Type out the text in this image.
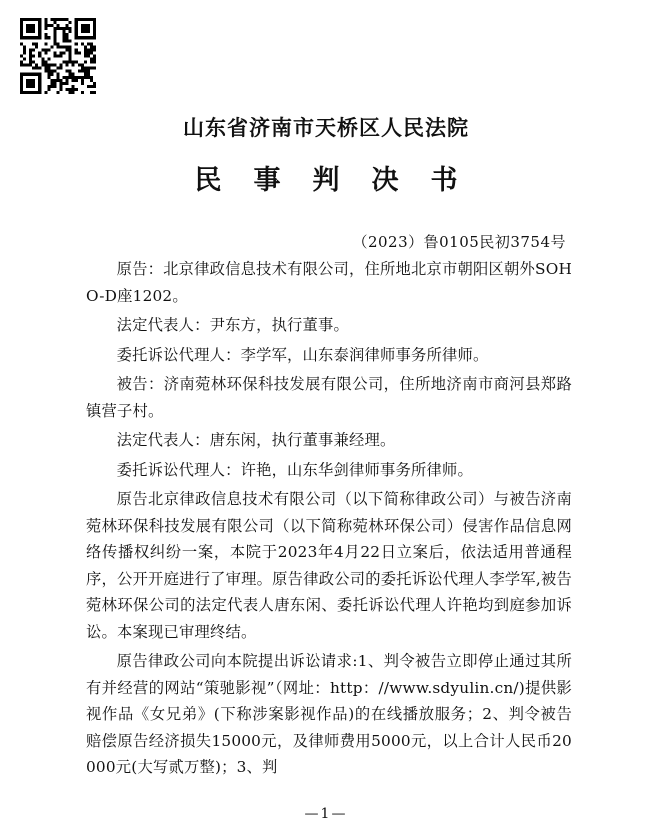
山东省济南市天桥区人民法院
民事判决书
（2023）鲁0105民初3754号

原告：北京律政信息技术有限公司，住所地北京市朝阳区朝外SOHO-D座1202。

法定代表人：尹东方，执行董事。

委托诉讼代理人：李学军，山东泰润律师事务所律师。

被告：济南菀林环保科技发展有限公司，住所地济南市商河县郑路镇营子村。

法定代表人：唐东闲，执行董事兼经理。

委托诉讼代理人：许艳，山东华剑律师事务所律师。

原告北京律政信息技术有限公司（以下简称律政公司）与被告济南菀林环保科技发展有限公司（以下简称菀林环保公司）侵害作品信息网络传播权纠纷一案，本院于2023年4月22日立案后，依法适用普通程序，公开开庭进行了审理。原告律政公司的委托诉讼代理人李学军,被告菀林环保公司的法定代表人唐东闲、委托诉讼代理人许艳均到庭参加诉讼。本案现已审理终结。

原告律政公司向本院提出诉讼请求:1、判令被告立即停止通过其所有并经营的网站“策驰影视”（网址：http：//www.sdyulin.cn/)提供影视作品《女兄弟》(下称涉案影视作品)的在线播放服务；2、判令被告赔偿原告经济损失15000元，及律师费用5000元，以上合计人民币20000元(大写贰万整)；3、判

—1—
